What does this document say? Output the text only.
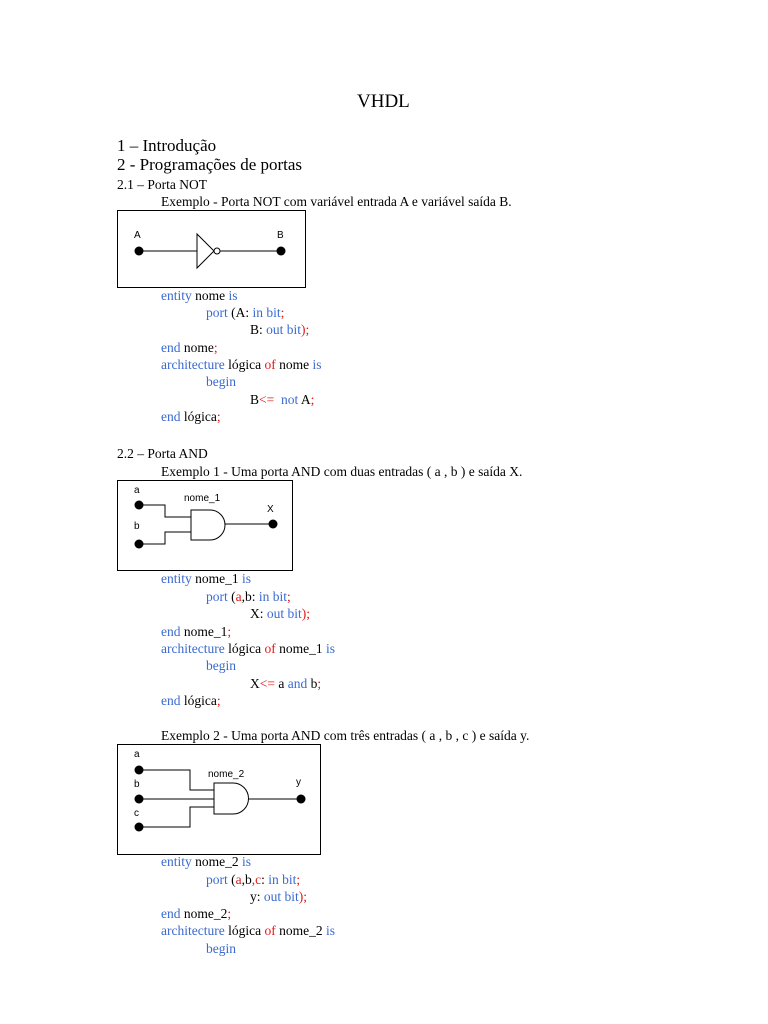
VHDL
1 – Introdução
2 - Programações de portas
2.1 – Porta NOT
Exemplo - Porta NOT com variável entrada A e variável saída B.
A	B
entity nome is
port (A: in bit;
B: out bit);
end nome;
architecture lógica of nome is
begin
B<= not A;
end lógica;
2.2 – Porta AND
Exemplo 1 - Uma porta AND com duas entradas ( a , b ) e saída X.
a
b
nome_1
X
entity nome_1 is
port (a,b: in bit;
X: out bit);
end nome_1;
architecture lógica of nome_1 is
begin
X<= a and b;
end lógica;
Exemplo 2 - Uma porta AND com três entradas ( a , b , c ) e saída y.
a
b
c
nome_2
y
entity nome_2 is
port (a,b,c: in bit;
y: out bit);
end nome_2;
architecture lógica of nome_2 is
begin
